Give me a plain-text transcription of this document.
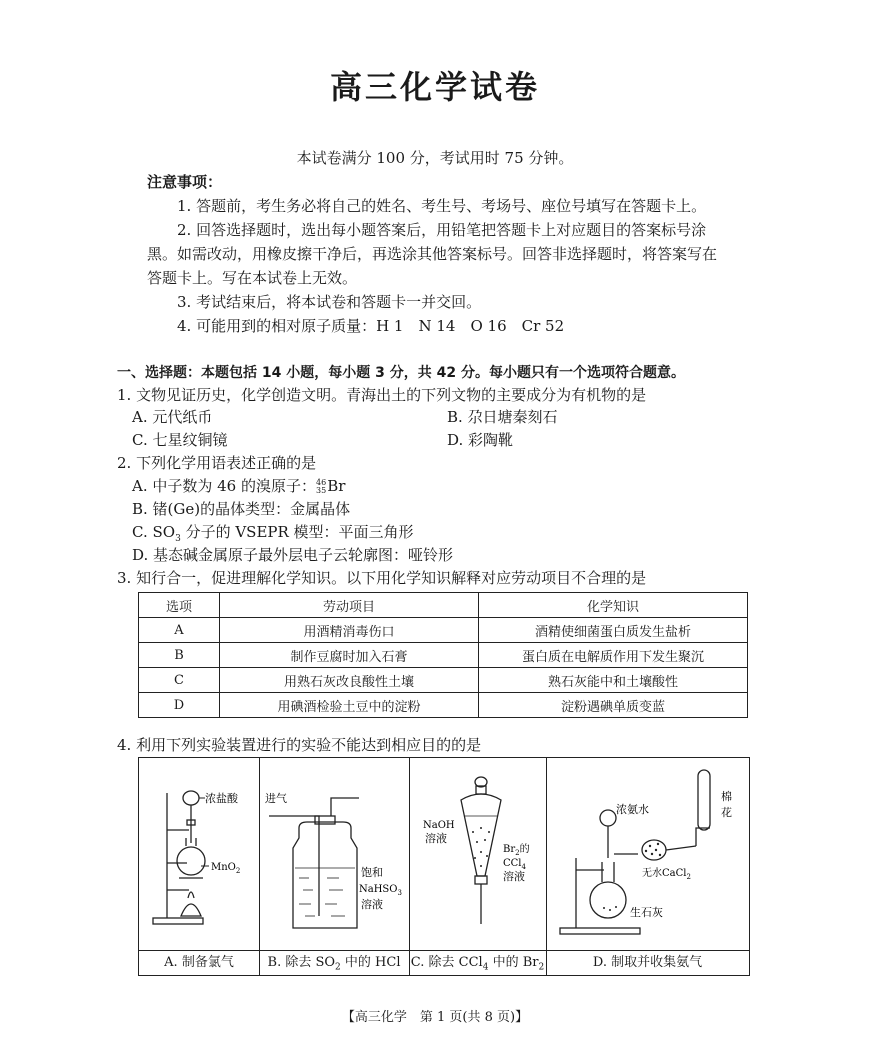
高三化学试卷
本试卷满分 100 分，考试用时 75 分钟。
注意事项：
1. 答题前，考生务必将自己的姓名、考生号、考场号、座位号填写在答题卡上。
2. 回答选择题时，选出每小题答案后，用铅笔把答题卡上对应题目的答案标号涂
黑。如需改动，用橡皮擦干净后，再选涂其他答案标号。回答非选择题时，将答案写在
答题卡上。写在本试卷上无效。
3. 考试结束后，将本试卷和答题卡一并交回。
4. 可能用到的相对原子质量：H 1　N 14　O 16　Cr 52
一、选择题：本题包括 14 小题，每小题 3 分，共 42 分。每小题只有一个选项符合题意。
1. 文物见证历史，化学创造文明。青海出土的下列文物的主要成分为有机物的是
A. 元代纸币	B. 尕日塘秦刻石
C. 七星纹铜镜	D. 彩陶靴
2. 下列化学用语表述正确的是
A. 中子数为 46 的溴原子：46
35Br
B. 锗(Ge)的晶体类型：金属晶体
C. $SO_3$ 分子的 VSEPR 模型：平面三角形
D. 基态碱金属原子最外层电子云轮廓图：哑铃形
3. 知行合一，促进理解化学知识。以下用化学知识解释对应劳动项目不合理的是
选项	劳动项目	化学知识
A	用酒精消毒伤口	酒精使细菌蛋白质发生盐析
B	制作豆腐时加入石膏	蛋白质在电解质作用下发生聚沉
C	用熟石灰改良酸性土壤	熟石灰能中和土壤酸性
D	用碘酒检验土豆中的淀粉	淀粉遇碘单质变蓝
4. 利用下列实验装置进行的实验不能达到相应目的的是
浓盐酸
MnO$_2$
A. 制备氯气
进气
饱和
NaHSO$_3$
溶液
B. 除去 $SO_2$ 中的 HCl
NaOH
溶液
$Br_2$的
CCl$_4$
溶液
C. 除去 CCl$_4$ 中的 $Br_2$
浓氨水
棉
花
无水CaCl$_2$
生石灰
D. 制取并收集氨气
【高三化学　第 1 页(共 8 页)】
